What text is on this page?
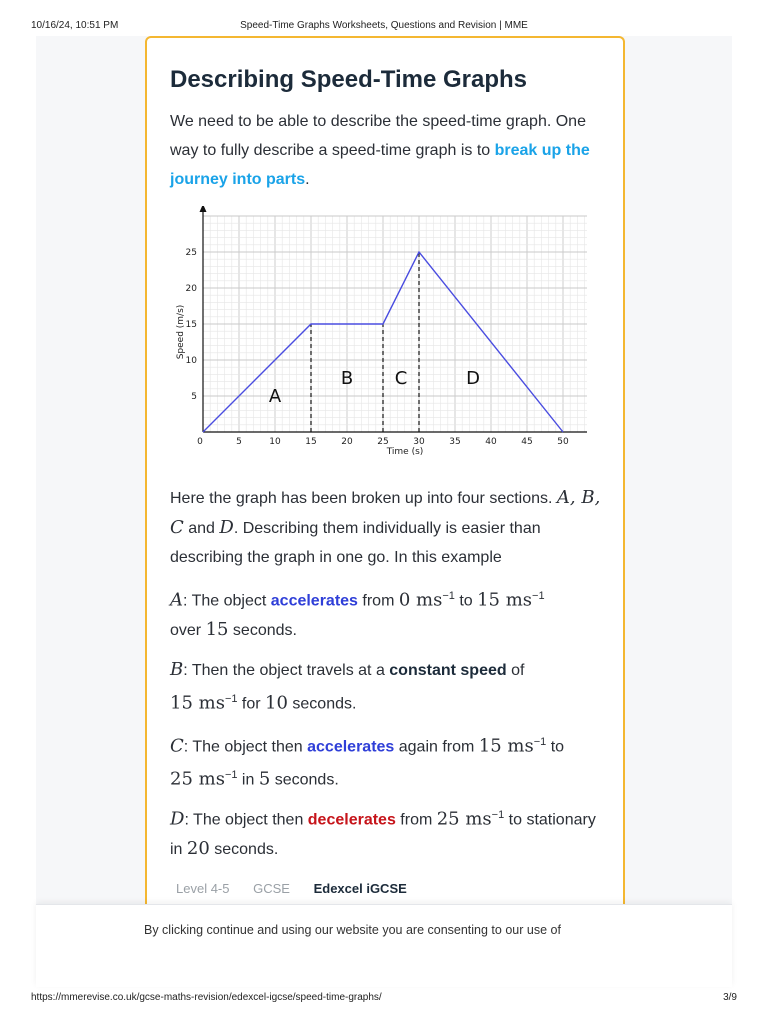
10/16/24, 10:51 PM	Speed-Time Graphs Worksheets, Questions and Revision | MME
Describing Speed-Time Graphs

We need to be able to describe the speed-time graph. One way to fully describe a speed-time graph is to break up the journey into parts.

0	5	10	15	20	25	30	35	40	45	50
5
10
15
20
25
A
B C	D
Time (s)
Speed (m/s)

Here the graph has been broken up into four sections. A, B, C and D. Describing them individually is easier than describing the graph in one go. In this example

A: The object accelerates from 0 $ms^{-1}$ to 15 $ms^{-1}$
over 15 seconds.

B: Then the object travels at a constant speed of
15 $ms^{-1}$ for 10 seconds.

C: The object then accelerates again from 15 $ms^{-1}$ to
25 $ms^{-1}$ in 5 seconds.

D: The object then decelerates from 25 $ms^{-1}$ to stationary in 20 seconds.

Level 4-5 GCSE Edexcel iGCSE
By clicking continue and using our website you are consenting to our use of
https://mmerevise.co.uk/gcse-maths-revision/edexcel-igcse/speed-time-graphs/	3/9
